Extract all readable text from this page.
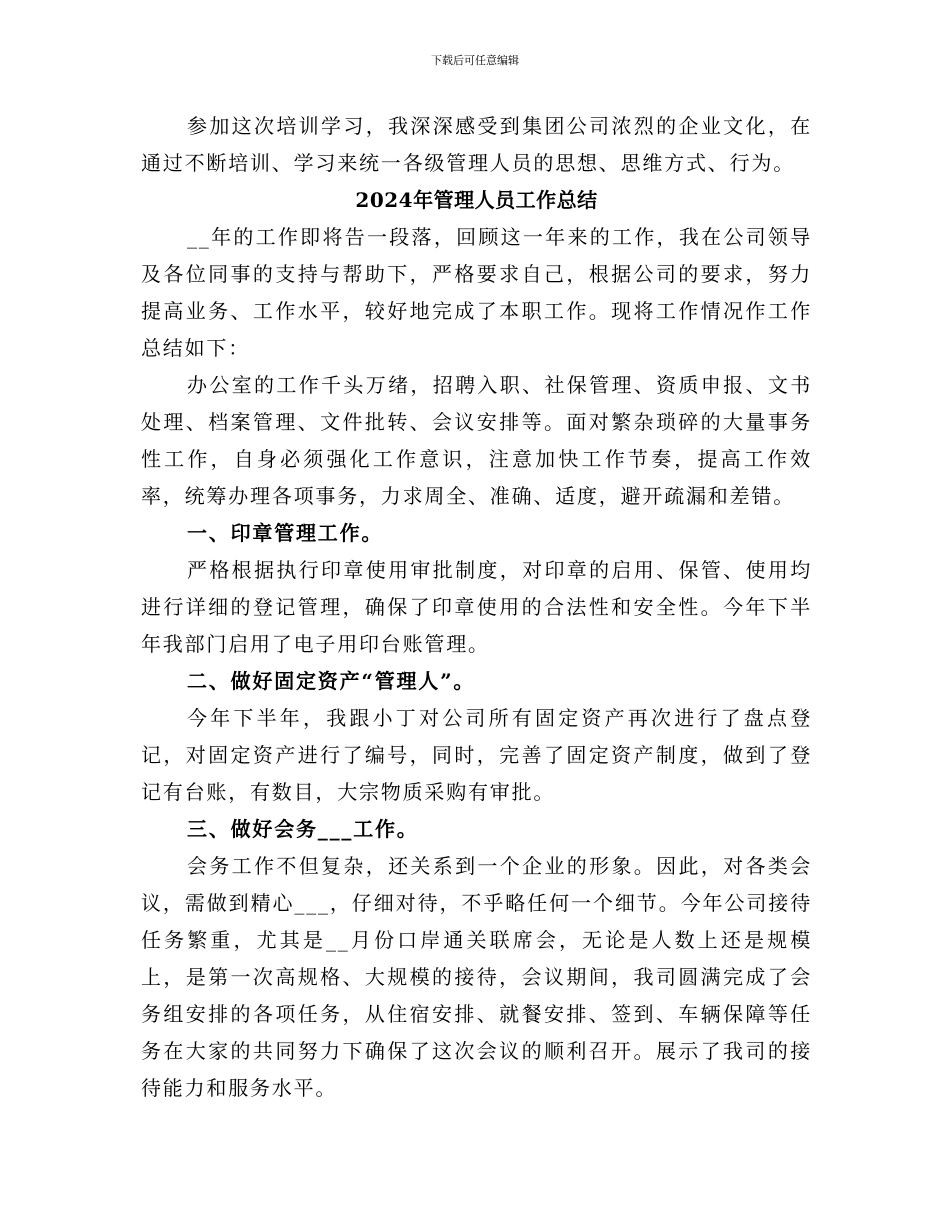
下载后可任意编辑

参加这次培训学习，我深深感受到集团公司浓烈的企业文化，在通过不断培训、学习来统一各级管理人员的思想、思维方式、行为。

2024年管理人员工作总结

__年的工作即将告一段落，回顾这一年来的工作，我在公司领导及各位同事的支持与帮助下，严格要求自己，根据公司的要求，努力提高业务、工作水平，较好地完成了本职工作。现将工作情况作工作总结如下：

办公室的工作千头万绪，招聘入职、社保管理、资质申报、文书处理、档案管理、文件批转、会议安排等。面对繁杂琐碎的大量事务性工作，自身必须强化工作意识，注意加快工作节奏，提高工作效率，统筹办理各项事务，力求周全、准确、适度，避开疏漏和差错。

一、印章管理工作。

严格根据执行印章使用审批制度，对印章的启用、保管、使用均进行详细的登记管理，确保了印章使用的合法性和安全性。今年下半年我部门启用了电子用印台账管理。

二、做好固定资产“管理人”。

今年下半年，我跟小丁对公司所有固定资产再次进行了盘点登记，对固定资产进行了编号，同时，完善了固定资产制度，做到了登记有台账，有数目，大宗物质采购有审批。

三、做好会务___工作。

会务工作不但复杂，还关系到一个企业的形象。因此，对各类会议，需做到精心___，仔细对待，不乎略任何一个细节。今年公司接待任务繁重，尤其是__月份口岸通关联席会，无论是人数上还是规模上，是第一次高规格、大规模的接待，会议期间，我司圆满完成了会务组安排的各项任务，从住宿安排、就餐安排、签到、车辆保障等任务在大家的共同努力下确保了这次会议的顺利召开。展示了我司的接待能力和服务水平。
